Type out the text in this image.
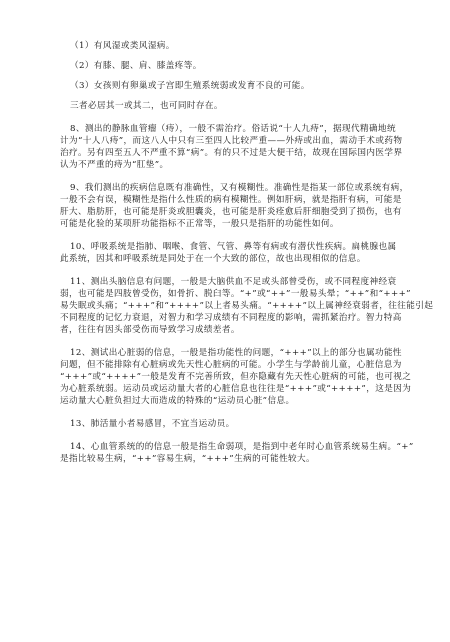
（1）有风湿或类风湿病。

（2）有膝、腿、肩、膝盖疼等。

（3）女孩则有卵巢或子宫即生殖系统弱或发育不良的可能。

三者必居其一或其二，也可同时存在。

8、测出的静脉血管瘤（痔），一般不需治疗。俗话说“十人九痔”，据现代精确地统

计为“十人八痔”，而这八人中只有三至四人比较严重——外痔或出血，需动手术或药物

治疗。另有四至五人不严重不算“病”。有的只不过是大便干结，故现在国际国内医学界

认为不严重的痔为“肛垫”。

9、我们测出的疾病信息既有准确性，又有模糊性。准确性是指某一部位或系统有病，

一般不会有误，模糊性是指什么性质的病有模糊性。例如肝病，就是指肝有病，可能是

肝大、脂肪肝，也可能是肝炎或胆囊炎，也可能是肝炎痊愈后肝细胞受到了损伤，也有

可能是化验的某项肝功能指标不正常等，一般只是指肝的功能性如何。

10、呼吸系统是指肺、咽喉、食管、气管、鼻等有病或有潜伏性疾病。扁桃腺也属

此系统，因其和呼吸系统是同处于在一个大致的部位，故也出现相似的信息。

11、测出头脑信息有问题，一般是大脑供血不足或头部曾受伤，或不同程度神经衰

弱，也可能是四肢曾受伤，如骨折、脱臼等。“+”或“++”一般易头晕；“++”和“+++”

易失眠或头痛；“+++”和“++++”以上者易头痛。“++++”以上属神经衰弱者，往往能引起

不同程度的记忆力衰退，对智力和学习成绩有不同程度的影响，需抓紧治疗。智力特高

者，往往有因头部受伤而导致学习成绩差者。

12、测试出心脏弱的信息，一般是指功能性的问题，“+++”以上的部分也属功能性

问题，但不能排除有心脏病或先天性心脏病的可能。小学生与学龄前儿童，心脏信息为

“+++”或“++++”一般是发育不完善所致，但亦隐藏有先天性心脏病的可能，也可视之

为心脏系统弱。运动员或运动量大者的心脏信息也往往是“+++”或“++++”，这是因为

运动量大心脏负担过大而造成的特殊的“运动员心脏”信息。

13、肺活量小者易感冒，不宜当运动员。

14、心血管系统的的信息一般是指生命弱项，是指到中老年时心血管系统易生病。“+”

是指比较易生病，“++”容易生病，“+++”生病的可能性较大。
